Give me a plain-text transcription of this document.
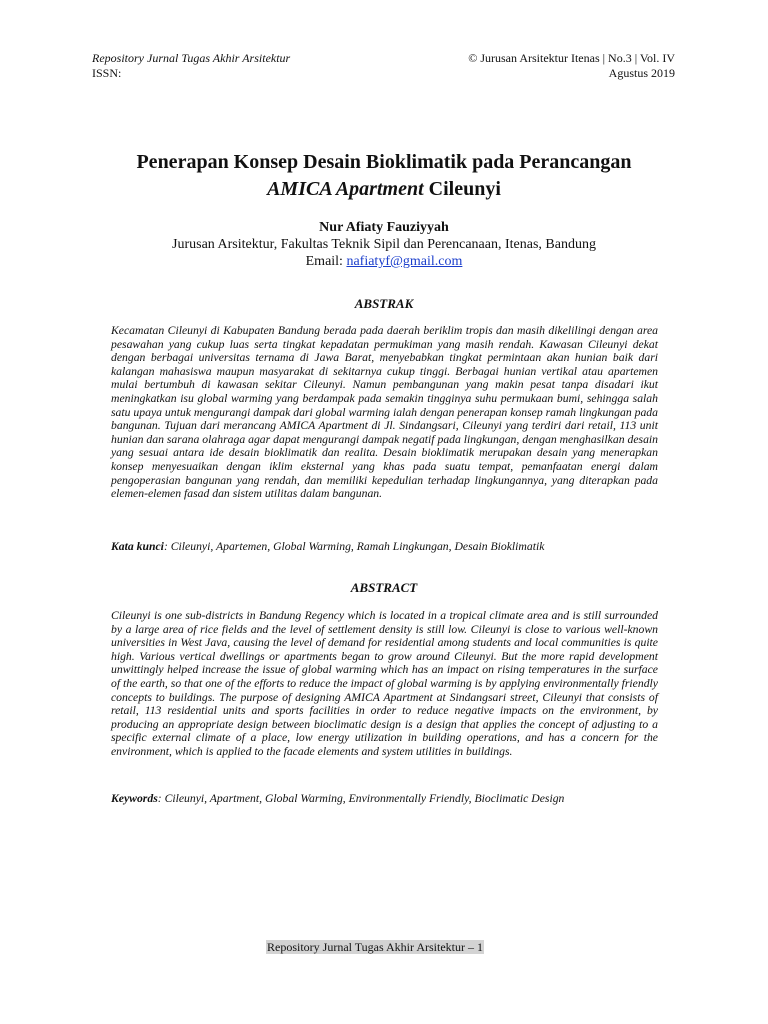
Repository Jurnal Tugas Akhir Arsitektur
ISSN:
© Jurusan Arsitektur Itenas | No.3 | Vol. IV
Agustus 2019
Penerapan Konsep Desain Bioklimatik pada Perancangan
AMICA Apartment Cileunyi
Nur Afiaty Fauziyyah
Jurusan Arsitektur, Fakultas Teknik Sipil dan Perencanaan, Itenas, Bandung
Email: nafiatyf@gmail.com
ABSTRAK
Kecamatan Cileunyi di Kabupaten Bandung berada pada daerah beriklim tropis dan masih dikelilingi dengan area pesawahan yang cukup luas serta tingkat kepadatan permukiman yang masih rendah. Kawasan Cileunyi dekat dengan berbagai universitas ternama di Jawa Barat, menyebabkan tingkat permintaan akan hunian baik dari kalangan mahasiswa maupun masyarakat di sekitarnya cukup tinggi. Berbagai hunian vertikal atau apartemen mulai bertumbuh di kawasan sekitar Cileunyi. Namun pembangunan yang makin pesat tanpa disadari ikut meningkatkan isu global warming yang berdampak pada semakin tingginya suhu permukaan bumi, sehingga salah satu upaya untuk mengurangi dampak dari global warming ialah dengan penerapan konsep ramah lingkungan pada bangunan. Tujuan dari merancang AMICA Apartment di Jl. Sindangsari, Cileunyi yang terdiri dari retail, 113 unit hunian dan sarana olahraga agar dapat mengurangi dampak negatif pada lingkungan, dengan menghasilkan desain yang sesuai antara ide desain bioklimatik dan realita. Desain bioklimatik merupakan desain yang menerapkan konsep menyesuaikan dengan iklim eksternal yang khas pada suatu tempat, pemanfaatan energi dalam pengoperasian bangunan yang rendah, dan memiliki kepedulian terhadap lingkungannya, yang diterapkan pada elemen-elemen fasad dan sistem utilitas dalam bangunan.
Kata kunci: Cileunyi, Apartemen, Global Warming, Ramah Lingkungan, Desain Bioklimatik
ABSTRACT
Cileunyi is one sub-districts in Bandung Regency which is located in a tropical climate area and is still surrounded by a large area of rice fields and the level of settlement density is still low. Cileunyi is close to various well-known universities in West Java, causing the level of demand for residential among students and local communities is quite high. Various vertical dwellings or apartments began to grow around Cileunyi. But the more rapid development unwittingly helped increase the issue of global warming which has an impact on rising temperatures in the surface of the earth, so that one of the efforts to reduce the impact of global warming is by applying environmentally friendly concepts to buildings. The purpose of designing AMICA Apartment at Sindangsari street, Cileunyi that consists of retail, 113 residential units and sports facilities in order to reduce negative impacts on the environment, by producing an appropriate design between bioclimatic design is a design that applies the concept of adjusting to a specific external climate of a place, low energy utilization in building operations, and has a concern for the environment, which is applied to the facade elements and system utilities in buildings.
Keywords: Cileunyi, Apartment, Global Warming, Environmentally Friendly, Bioclimatic Design
Repository Jurnal Tugas Akhir Arsitektur – 1
